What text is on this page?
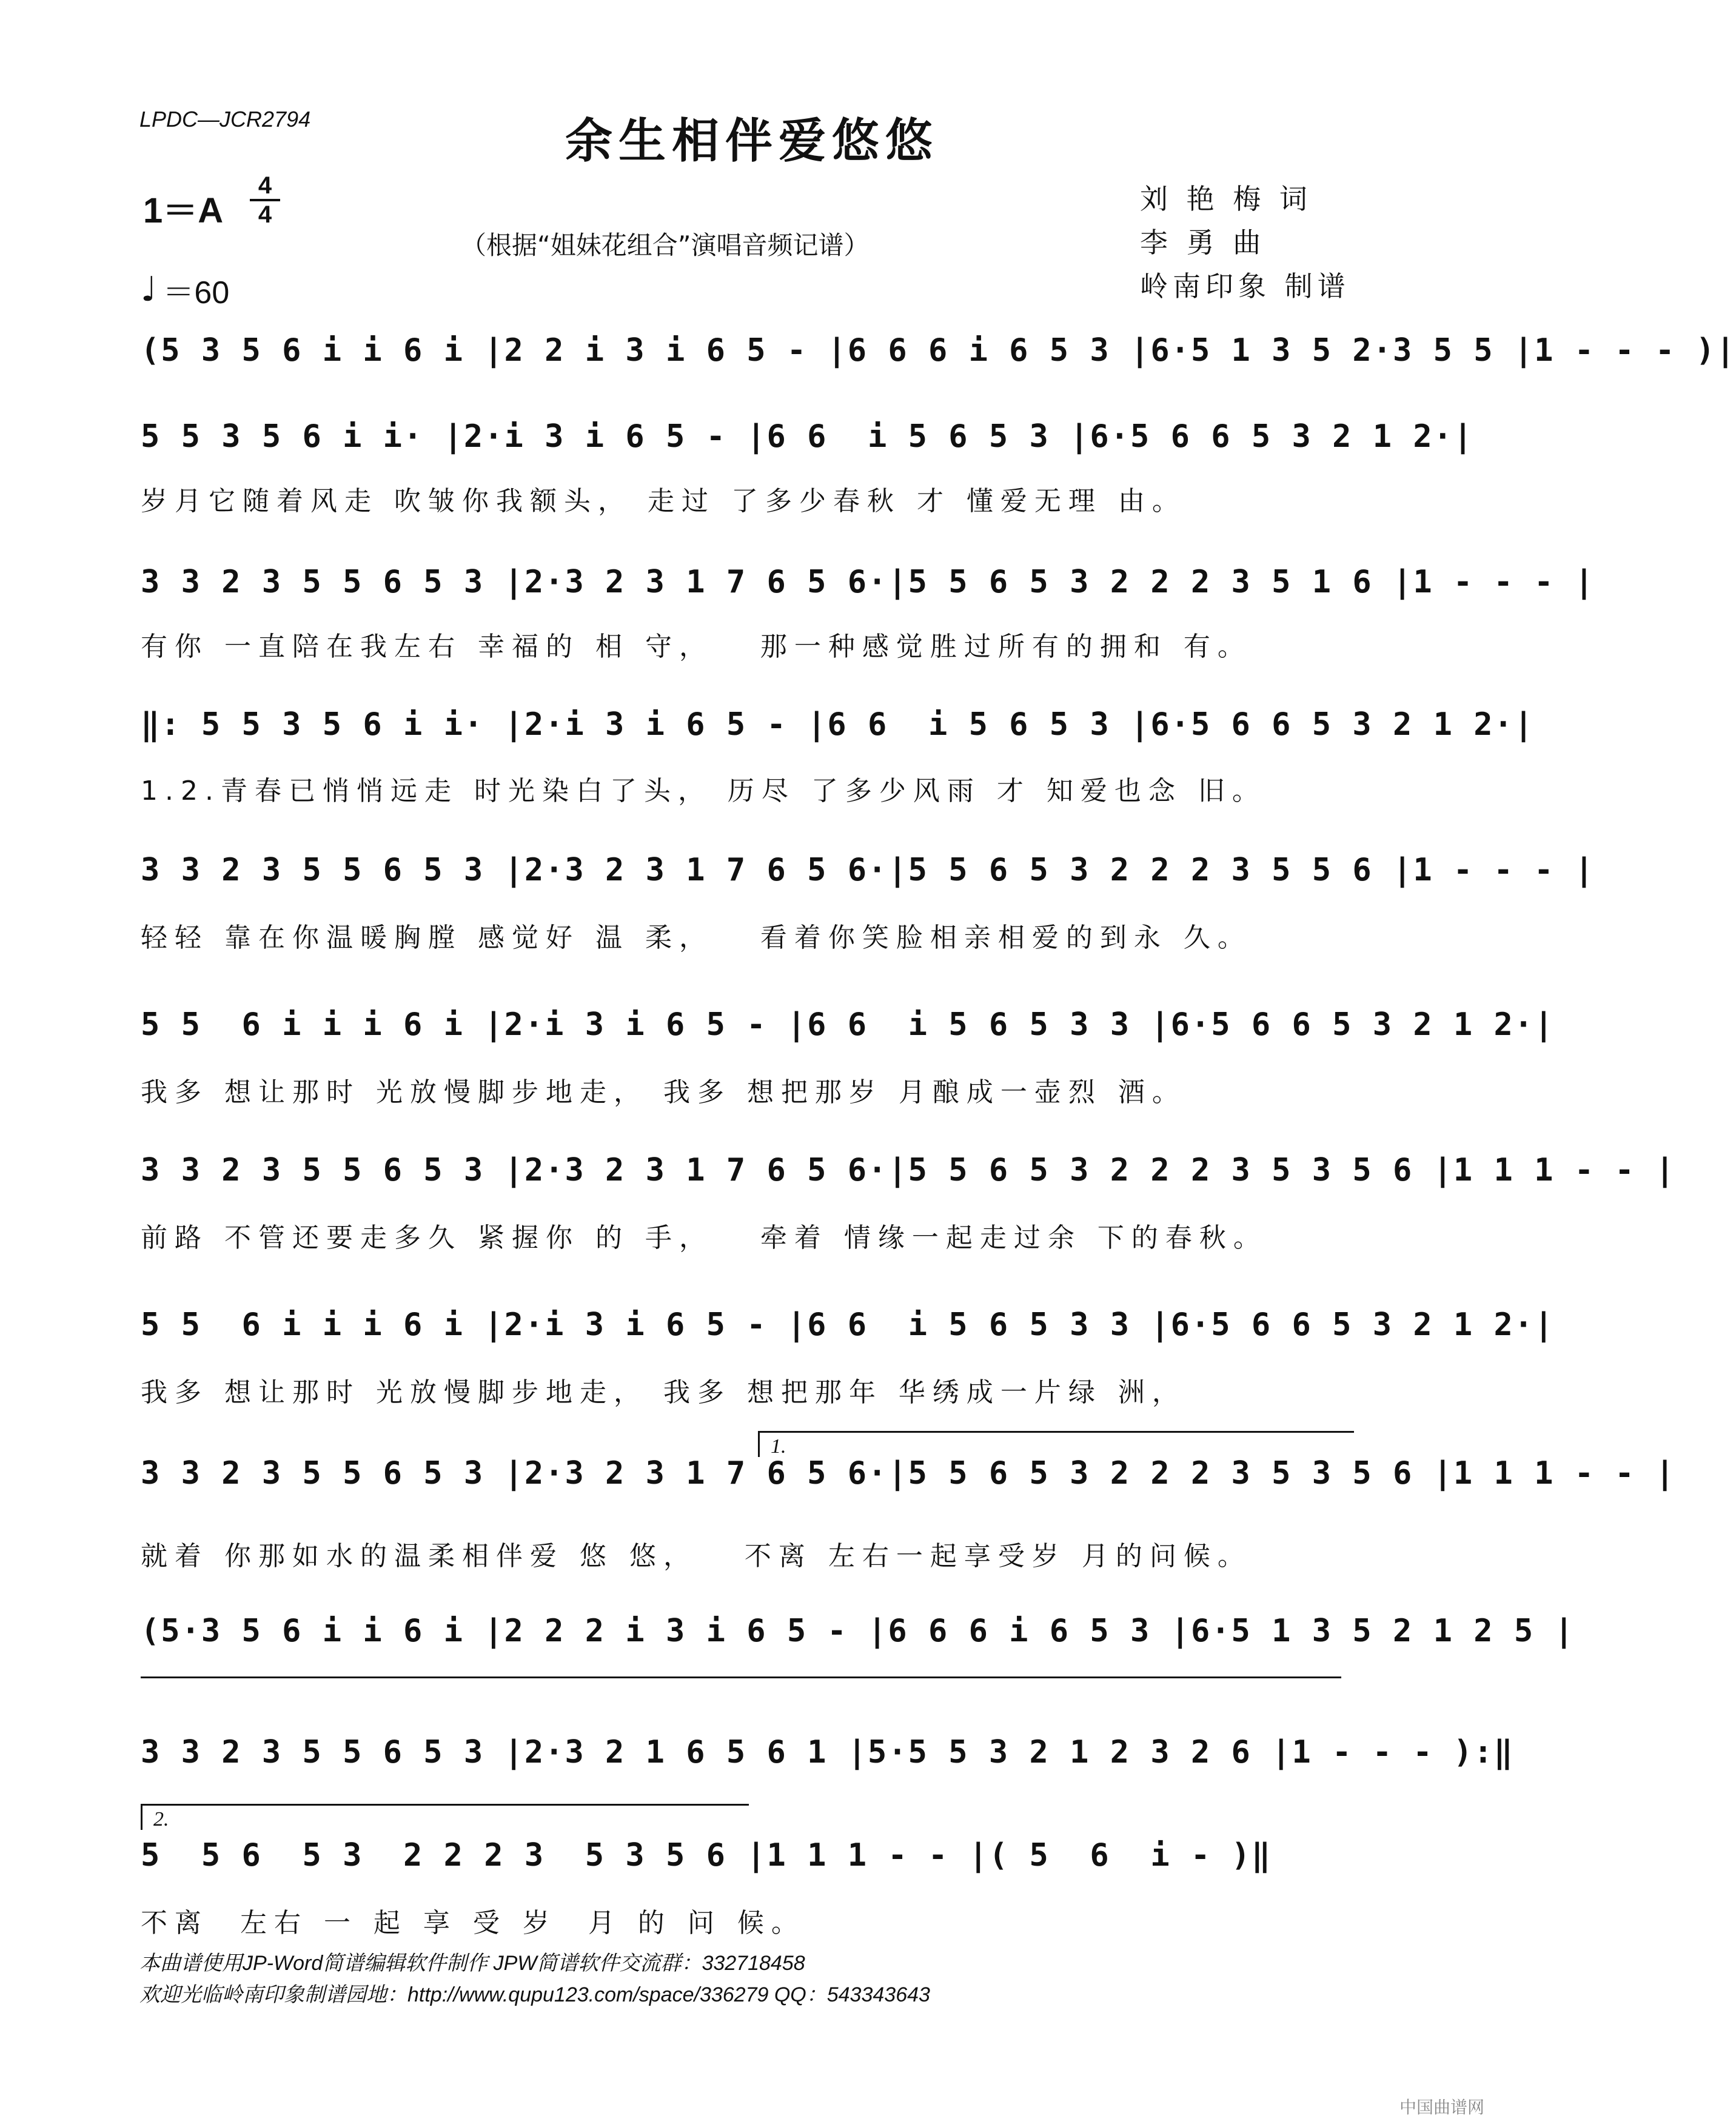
LPDC—JCR2794	余生相伴爱悠悠
1＝A
4
4
（根据“姐妹花组合”演唱音频记谱）
♩ ＝60
刘 艳 梅 词
李 勇 曲
岭南印象 制谱
(5 3 5 6 i i 6 i |2 2 i 3 i 6 5 - |6 6 6 i 6 5 3 |6·5 1 3 5 2·3 5 5 |1 - - - )|
5 5 3 5 6 i i· |2·i 3 i 6 5 - |6 6  i 5 6 5 3 |6·5 6 6 5 3 2 1 2·|
岁月它随着风走 吹皱你我额头， 走过 了多少春秋 才 懂爱无理 由。
3 3 2 3 5 5 6 5 3 |2·3 2 3 1 7 6 5 6·|5 5 6 5 3 2 2 2 3 5 1 6 |1 - - - |
有你 一直陪在我左右 幸福的 相 守，   那一种感觉胜过所有的拥和 有。
‖: 5 5 3 5 6 i i· |2·i 3 i 6 5 - |6 6  i 5 6 5 3 |6·5 6 6 5 3 2 1 2·|
1.2.青春已悄悄远走 时光染白了头， 历尽 了多少风雨 才 知爱也念 旧。
3 3 2 3 5 5 6 5 3 |2·3 2 3 1 7 6 5 6·|5 5 6 5 3 2 2 2 3 5 5 6 |1 - - - |
轻轻 靠在你温暖胸膛 感觉好 温 柔，   看着你笑脸相亲相爱的到永 久。
5 5  6 i i i 6 i |2·i 3 i 6 5 - |6 6  i 5 6 5 3 3 |6·5 6 6 5 3 2 1 2·|
我多 想让那时 光放慢脚步地走， 我多 想把那岁 月酿成一壶烈 酒。
3 3 2 3 5 5 6 5 3 |2·3 2 3 1 7 6 5 6·|5 5 6 5 3 2 2 2 3 5 3 5 6 |1 1 1 - - |
前路 不管还要走多久 紧握你 的 手，   牵着 情缘一起走过余 下的春秋。
5 5  6 i i i 6 i |2·i 3 i 6 5 - |6 6  i 5 6 5 3 3 |6·5 6 6 5 3 2 1 2·|
我多 想让那时 光放慢脚步地走， 我多 想把那年 华绣成一片绿 洲，
1.
3 3 2 3 5 5 6 5 3 |2·3 2 3 1 7 6 5 6·|5 5 6 5 3 2 2 2 3 5 3 5 6 |1 1 1 - - |
就着 你那如水的温柔相伴爱 悠 悠，   不离 左右一起享受岁 月的问候。
(5·3 5 6 i i 6 i |2 2 2 i 3 i 6 5 - |6 6 6 i 6 5 3 |6·5 1 3 5 2 1 2 5 |
3 3 2 3 5 5 6 5 3 |2·3 2 1 6 5 6 1 |5·5 5 3 2 1 2 3 2 6 |1 - - - ):‖
2.
5  5 6  5 3  2 2 2 3  5 3 5 6 |1 1 1 - - |( 5  6  i - )‖
不离  左右 一 起 享 受 岁  月 的 问 候。
本曲谱使用JP-Word简谱编辑软件制作 JPW简谱软件交流群：332718458
欢迎光临岭南印象制谱园地：http://www.qupu123.com/space/336279 QQ：543343643
中国曲谱网
